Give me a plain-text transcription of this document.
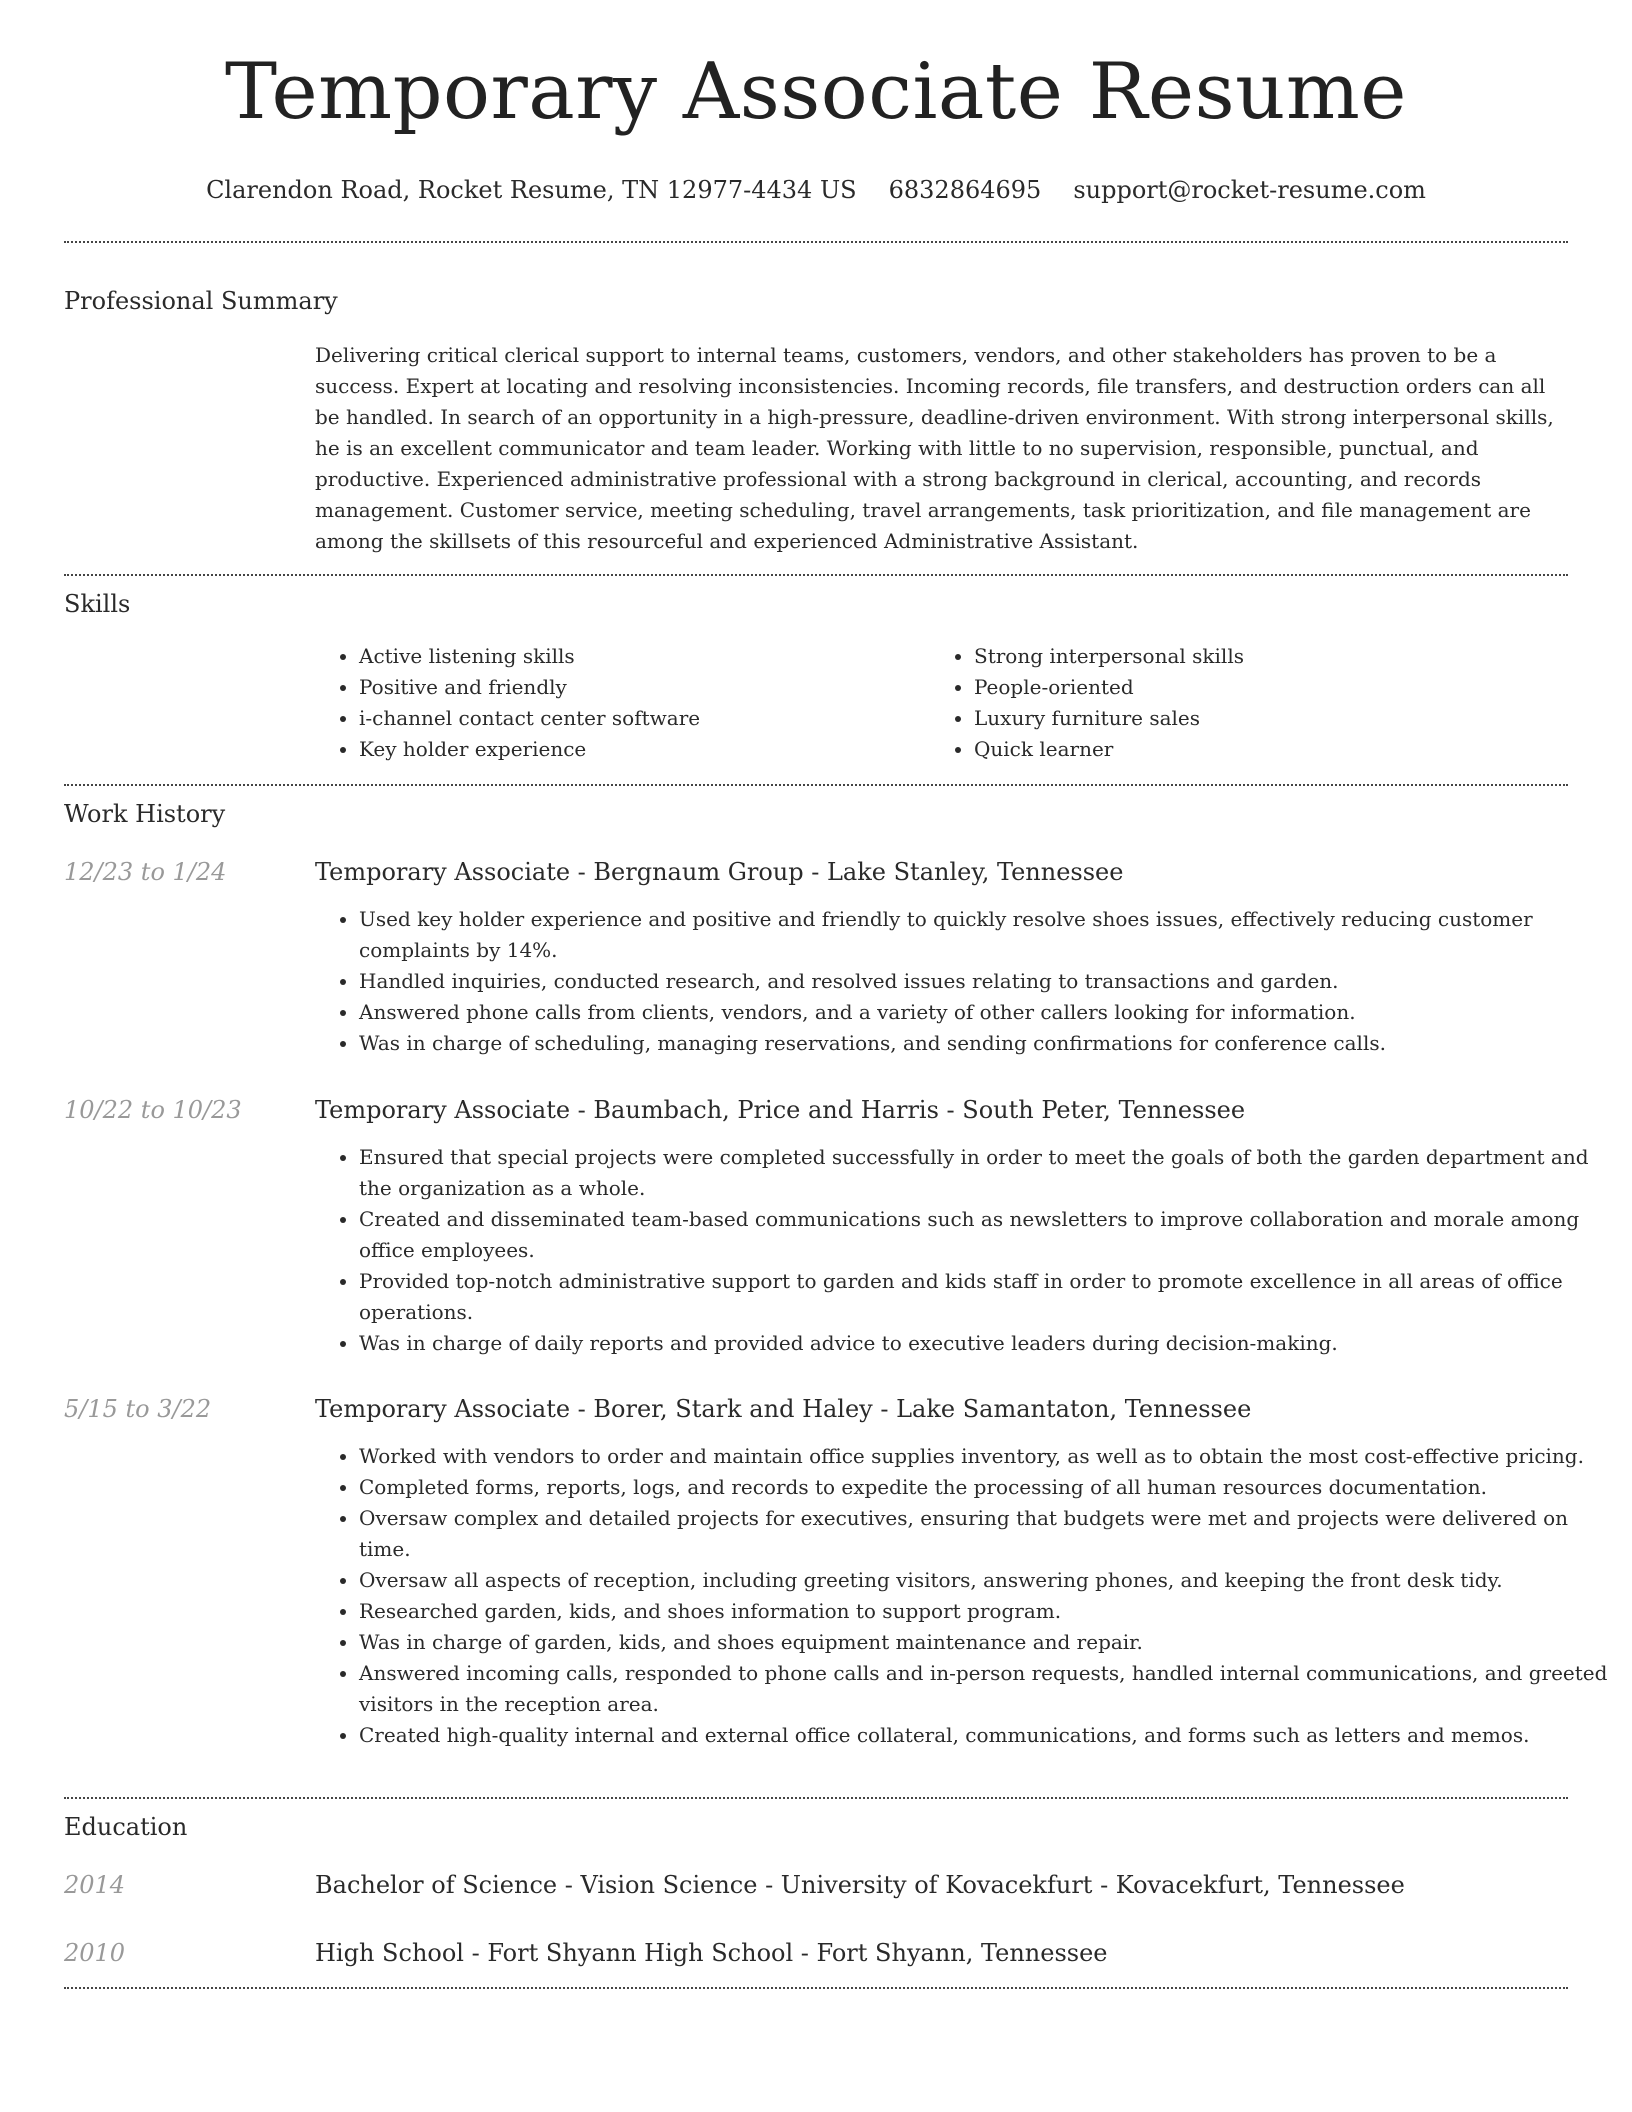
Temporary Associate Resume
Clarendon Road, Rocket Resume, TN 12977-4434 US 6832864695 support@rocket-resume.com
Professional Summary

Delivering critical clerical support to internal teams, customers, vendors, and other stakeholders has proven to be a success. Expert at locating and resolving inconsistencies. Incoming records, file transfers, and destruction orders can all be handled. In search of an opportunity in a high-pressure, deadline-driven environment. With strong interpersonal skills, he is an excellent communicator and team leader. Working with little to no supervision, responsible, punctual, and productive. Experienced administrative professional with a strong background in clerical, accounting, and records management. Customer service, meeting scheduling, travel arrangements, task prioritization, and file management are among the skillsets of this resourceful and experienced Administrative Assistant.

Skills
• Active listening skills
• Positive and friendly
• i-channel contact center software
• Key holder experience
• Strong interpersonal skills
• People-oriented
• Luxury furniture sales
• Quick learner
Work History
12/23 to 1/24	Temporary Associate - Bergnaum Group - Lake Stanley, Tennessee
• Used key holder experience and positive and friendly to quickly resolve shoes issues, effectively reducing customer complaints by 14%.
• Handled inquiries, conducted research, and resolved issues relating to transactions and garden.
• Answered phone calls from clients, vendors, and a variety of other callers looking for information.
• Was in charge of scheduling, managing reservations, and sending confirmations for conference calls.
10/22 to 10/23	Temporary Associate - Baumbach, Price and Harris - South Peter, Tennessee
• Ensured that special projects were completed successfully in order to meet the goals of both the garden department and the organization as a whole.
• Created and disseminated team-based communications such as newsletters to improve collaboration and morale among office employees.
• Provided top-notch administrative support to garden and kids staff in order to promote excellence in all areas of office operations.
• Was in charge of daily reports and provided advice to executive leaders during decision-making.
5/15 to 3/22	Temporary Associate - Borer, Stark and Haley - Lake Samantaton, Tennessee
• Worked with vendors to order and maintain office supplies inventory, as well as to obtain the most cost-effective pricing.
• Completed forms, reports, logs, and records to expedite the processing of all human resources documentation.
• Oversaw complex and detailed projects for executives, ensuring that budgets were met and projects were delivered on time.
• Oversaw all aspects of reception, including greeting visitors, answering phones, and keeping the front desk tidy.
• Researched garden, kids, and shoes information to support program.
• Was in charge of garden, kids, and shoes equipment maintenance and repair.
• Answered incoming calls, responded to phone calls and in-person requests, handled internal communications, and greeted visitors in the reception area.
• Created high-quality internal and external office collateral, communications, and forms such as letters and memos.
Education
2014	Bachelor of Science - Vision Science - University of Kovacekfurt - Kovacekfurt, Tennessee
2010	High School - Fort Shyann High School - Fort Shyann, Tennessee
